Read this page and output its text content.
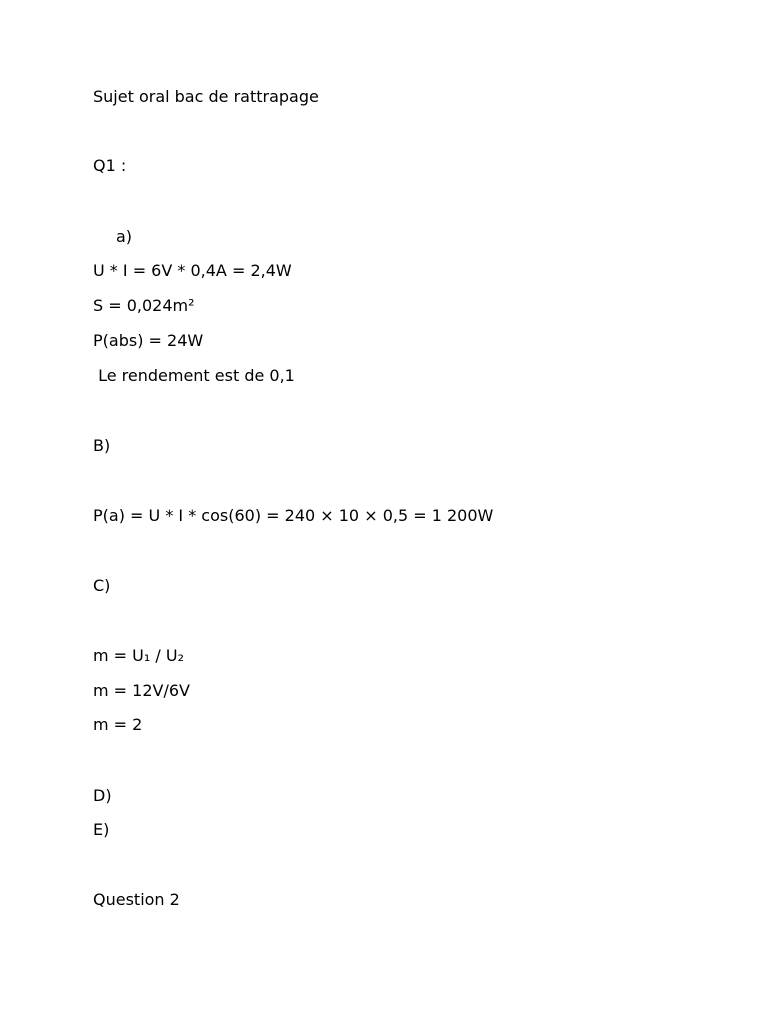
Sujet oral bac de rattrapage
Q1 :
a)
U * I = 6V * 0,4A = 2,4W
S = 0,024m²
P(abs) = 24W
Le rendement est de 0,1
B)
P(a) = U * I * cos(60) = 240 × 10 × 0,5 = 1 200W
C)
m = U₁ / U₂
m = 12V/6V
m = 2
D)
E)
Question 2
